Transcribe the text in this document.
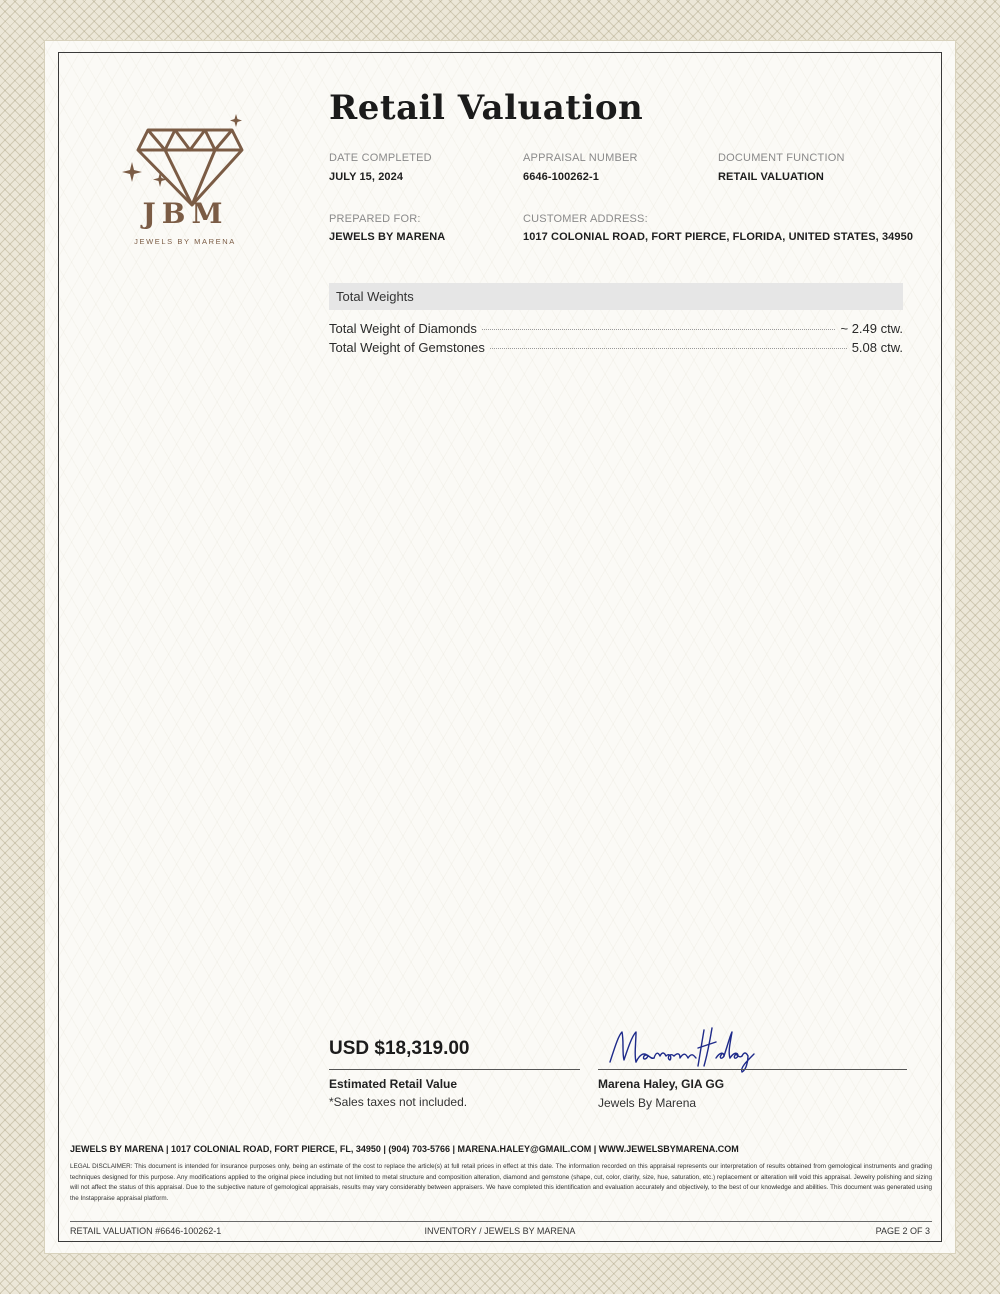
JBM
JEWELS BY MARENA
Retail Valuation
DATE COMPLETED
JULY 15, 2024
APPRAISAL NUMBER
6646-100262-1
DOCUMENT FUNCTION
RETAIL VALUATION
PREPARED FOR:
JEWELS BY MARENA
CUSTOMER ADDRESS:
1017 COLONIAL ROAD, FORT PIERCE, FLORIDA, UNITED STATES, 34950
Total Weights
Total Weight of Diamonds	~ 2.49 ctw.
Total Weight of Gemstones	5.08 ctw.
USD $18,319.00
Estimated Retail Value
*Sales taxes not included.
Marena Haley, GIA GG
Jewels By Marena
JEWELS BY MARENA | 1017 COLONIAL ROAD, FORT PIERCE, FL, 34950 | (904) 703-5766 | MARENA.HALEY@GMAIL.COM | WWW.JEWELSBYMARENA.COM
LEGAL DISCLAIMER: This document is intended for insurance purposes only, being an estimate of the cost to replace the article(s) at full retail prices in effect at this date. The information recorded on this appraisal represents our interpretation of results obtained from gemological instruments and grading techniques designed for this purpose. Any modifications applied to the original piece including but not limited to metal structure and composition alteration, diamond and gemstone (shape, cut, color, clarity, size, hue, saturation, etc.) replacement or alteration will void this appraisal. Jewelry polishing and sizing will not affect the status of this appraisal. Due to the subjective nature of gemological appraisals, results may vary considerably between appraisers. We have completed this identification and evaluation accurately and objectively, to the best of our knowledge and abilities. This document was generated using the Instappraise appraisal platform.
RETAIL VALUATION #6646-100262-1	INVENTORY / JEWELS BY MARENA	PAGE 2 OF 3
